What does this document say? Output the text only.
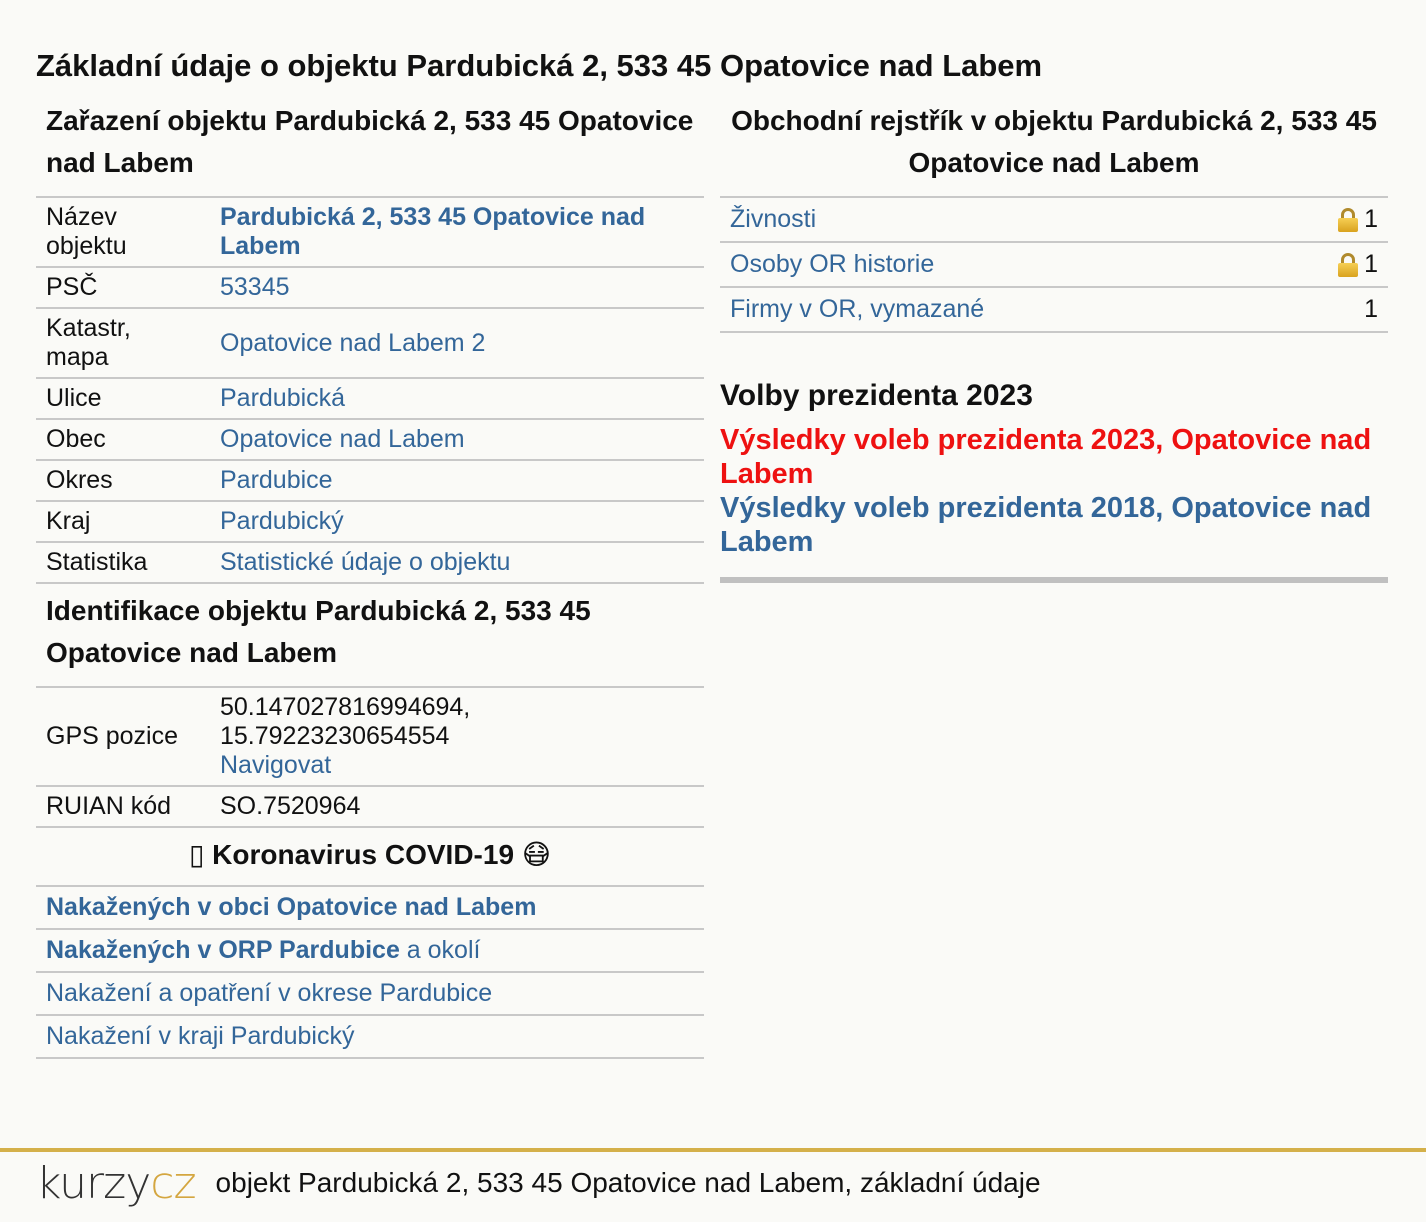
Základní údaje o objektu Pardubická 2, 533 45 Opatovice nad Labem
Zařazení objektu Pardubická 2, 533 45 Opatovice nad Labem
Název objektu	Pardubická 2, 533 45 Opatovice nad Labem
PSČ	53345
Katastr, mapa	Opatovice nad Labem 2
Ulice	Pardubická
Obec	Opatovice nad Labem
Okres	Pardubice
Kraj	Pardubický
Statistika	Statistické údaje o objektu
Identifikace objektu Pardubická 2, 533 45 Opatovice nad Labem
GPS pozice	50.147027816994694,
15.79223230654554
Navigovat
RUIAN kód	SO.7520964
▯ Koronavirus COVID-19 😷
Nakažených v obci Opatovice nad Labem
Nakažených v ORP Pardubice a okolí
Nakažení a opatření v okrese Pardubice
Nakažení v kraji Pardubický
Obchodní rejstřík v objektu Pardubická 2, 533 45 Opatovice nad Labem
Živnosti	1
Osoby OR historie	1
Firmy v OR, vymazané	1
Volby prezidenta 2023
Výsledky voleb prezidenta 2023, Opatovice nad Labem
Výsledky voleb prezidenta 2018, Opatovice nad Labem
kurzycz objekt Pardubická 2, 533 45 Opatovice nad Labem, základní údaje
